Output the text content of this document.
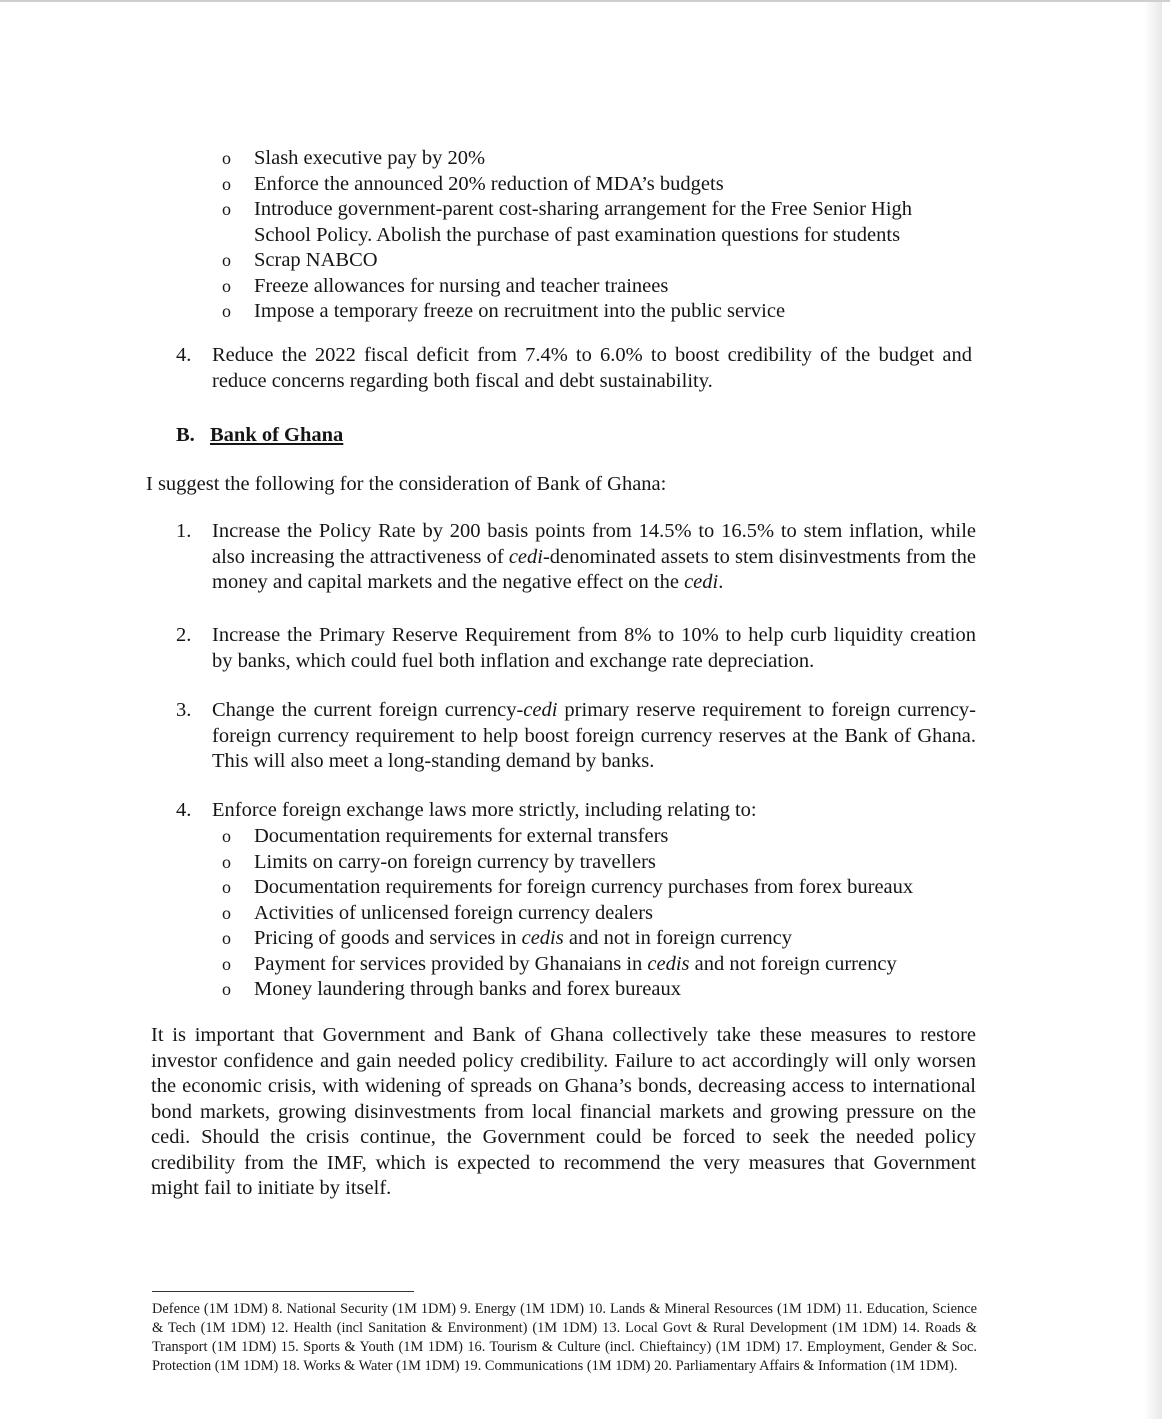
o	Slash executive pay by 20%
o	Enforce the announced 20% reduction of MDA’s budgets
o	Introduce government-parent cost-sharing arrangement for the Free Senior High School Policy. Abolish the purchase of past examination questions for students
o	Scrap NABCO
o	Freeze allowances for nursing and teacher trainees
o	Impose a temporary freeze on recruitment into the public service
4.	Reduce the 2022 fiscal deficit from 7.4% to 6.0% to boost credibility of the budget and reduce concerns regarding both fiscal and debt sustainability.
B. Bank of Ghana
I suggest the following for the consideration of Bank of Ghana:
1.	Increase the Policy Rate by 200 basis points from 14.5% to 16.5% to stem inflation, while also increasing the attractiveness of cedi-denominated assets to stem disinvestments from the money and capital markets and the negative effect on the cedi.
2.	Increase the Primary Reserve Requirement from 8% to 10% to help curb liquidity creation by banks, which could fuel both inflation and exchange rate depreciation.
3.	Change the current foreign currency-cedi primary reserve requirement to foreign currency-foreign currency requirement to help boost foreign currency reserves at the Bank of Ghana. This will also meet a long-standing demand by banks.
4.	Enforce foreign exchange laws more strictly, including relating to:
o	Documentation requirements for external transfers
o	Limits on carry-on foreign currency by travellers
o	Documentation requirements for foreign currency purchases from forex bureaux
o	Activities of unlicensed foreign currency dealers
o	Pricing of goods and services in cedis and not in foreign currency
o	Payment for services provided by Ghanaians in cedis and not foreign currency
o	Money laundering through banks and forex bureaux
It is important that Government and Bank of Ghana collectively take these measures to restore investor confidence and gain needed policy credibility. Failure to act accordingly will only worsen the economic crisis, with widening of spreads on Ghana’s bonds, decreasing access to international bond markets, growing disinvestments from local financial markets and growing pressure on the cedi. Should the crisis continue, the Government could be forced to seek the needed policy credibility from the IMF, which is expected to recommend the very measures that Government might fail to initiate by itself.
Defence (1M 1DM) 8. National Security (1M 1DM) 9. Energy (1M 1DM) 10. Lands & Mineral Resources (1M 1DM) 11. Education, Science & Tech (1M 1DM) 12. Health (incl Sanitation & Environment) (1M 1DM) 13. Local Govt & Rural Development (1M 1DM) 14. Roads & Transport (1M 1DM) 15. Sports & Youth (1M 1DM) 16. Tourism & Culture (incl. Chieftaincy) (1M 1DM) 17. Employment, Gender & Soc. Protection (1M 1DM) 18. Works & Water (1M 1DM) 19. Communications (1M 1DM) 20. Parliamentary Affairs & Information (1M 1DM).
